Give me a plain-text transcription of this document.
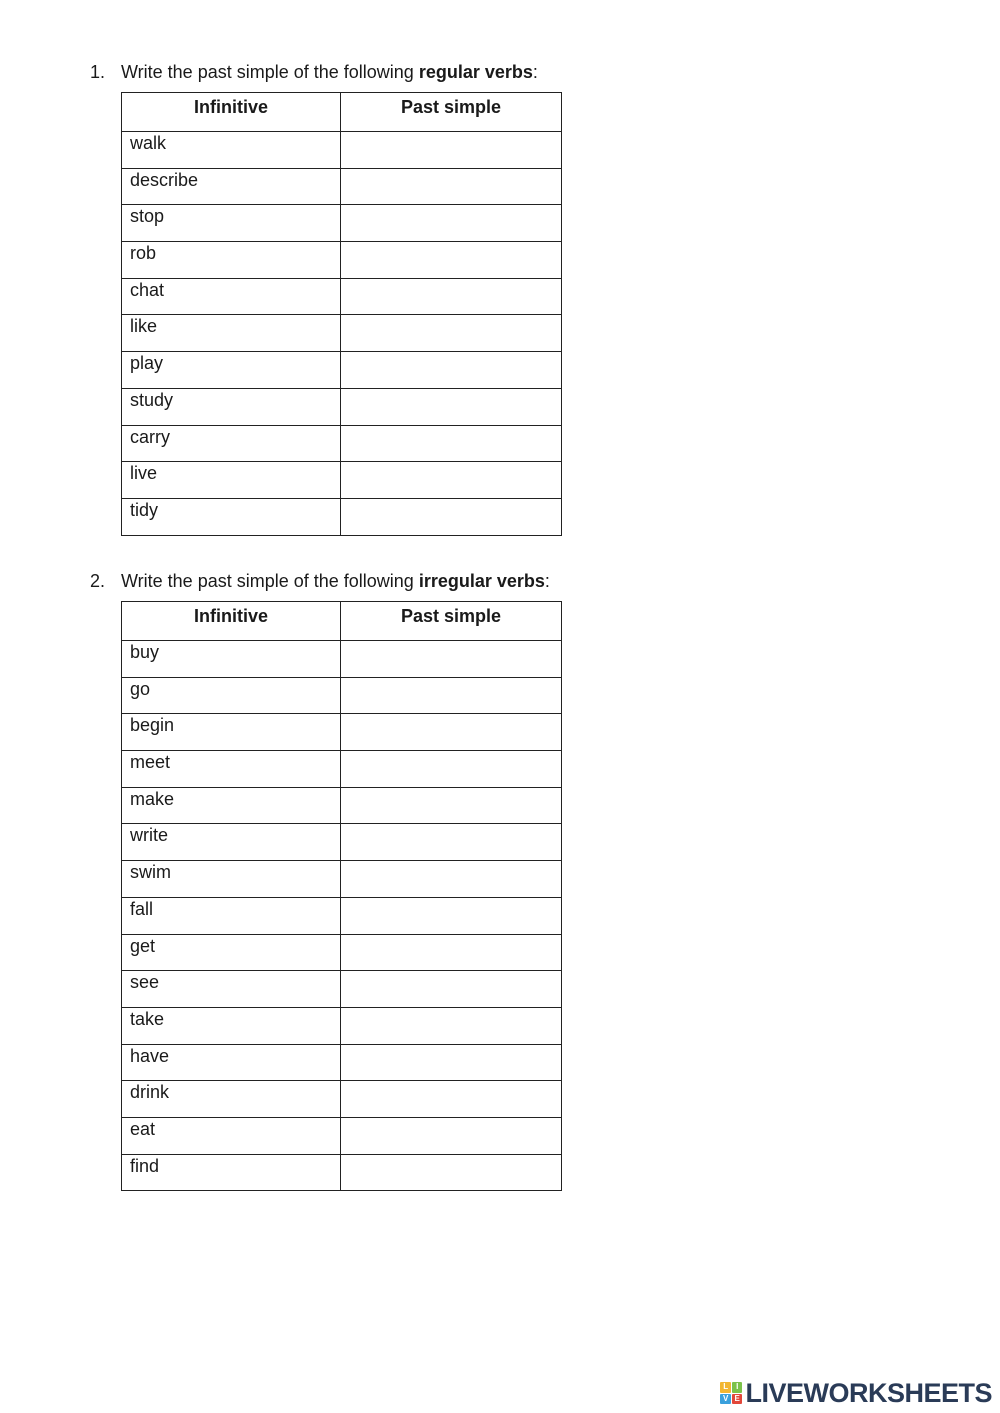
1. Write the past simple of the following regular verbs:
Infinitive	Past simple
walk	
describe	
stop	
rob	
chat	
like	
play	
study	
carry	
live	
tidy	
2. Write the past simple of the following irregular verbs:
Infinitive	Past simple
buy	
go	
begin	
meet	
make	
write	
swim	
fall	
get	
see	
take	
have	
drink	
eat	
find	
L I
V E LIVEWORKSHEETS
